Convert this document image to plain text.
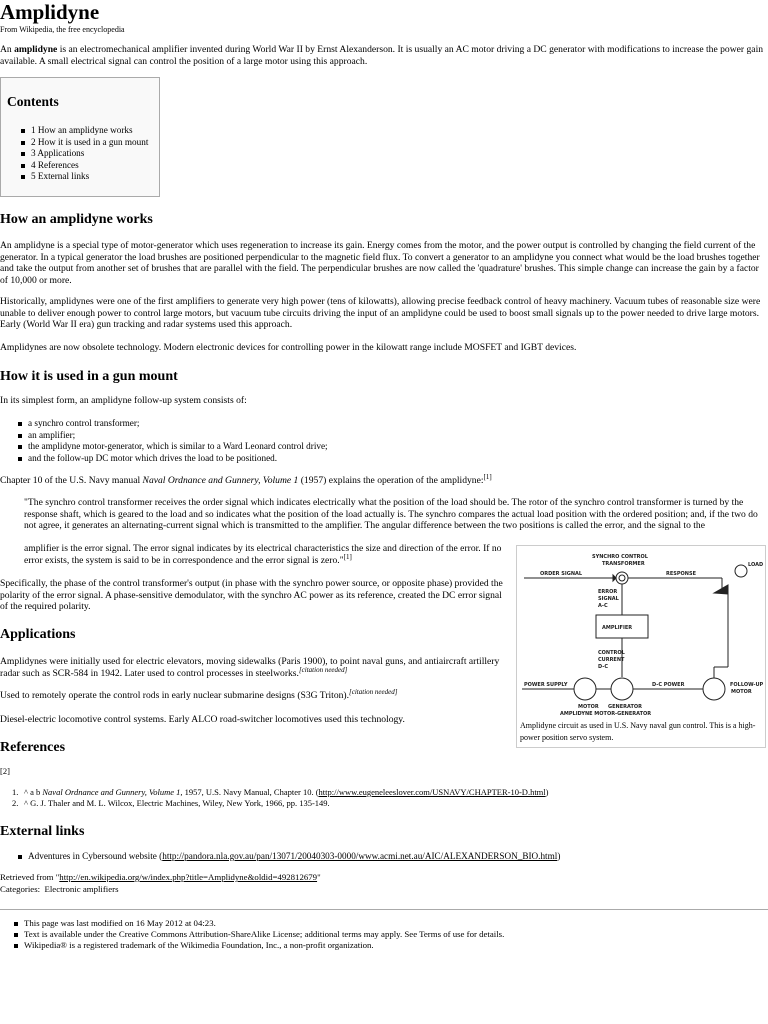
Amplidyne
From Wikipedia, the free encyclopedia

An amplidyne is an electromechanical amplifier invented during World War II by Ernst Alexanderson. It is usually an AC motor driving a DC generator with modifications to increase the power gain available. A small electrical signal can control the position of a large motor using this approach.

Contents
1 How an amplidyne works
2 How it is used in a gun mount
3 Applications
4 References
5 External links
How an amplidyne works

An amplidyne is a special type of motor-generator which uses regeneration to increase its gain. Energy comes from the motor, and the power output is controlled by changing the field current of the generator. In a typical generator the load brushes are positioned perpendicular to the magnetic field flux. To convert a generator to an amplidyne you connect what would be the load brushes together and take the output from another set of brushes that are parallel with the field. The perpendicular brushes are now called the 'quadrature' brushes. This simple change can increase the gain by a factor of 10,000 or more.

Historically, amplidynes were one of the first amplifiers to generate very high power (tens of kilowatts), allowing precise feedback control of heavy machinery. Vacuum tubes of reasonable size were unable to deliver enough power to control large motors, but vacuum tube circuits driving the input of an amplidyne could be used to boost small signals up to the power needed to drive large motors. Early (World War II era) gun tracking and radar systems used this approach.

Amplidynes are now obsolete technology. Modern electronic devices for controlling power in the kilowatt range include MOSFET and IGBT devices.

How it is used in a gun mount

In its simplest form, an amplidyne follow-up system consists of:

a synchro control transformer;
an amplifier;
the amplidyne motor-generator, which is similar to a Ward Leonard control drive;
and the follow-up DC motor which drives the load to be positioned.

Chapter 10 of the U.S. Navy manual Naval Ordnance and Gunnery, Volume 1 (1957) explains the operation of the amplidyne:[1]

"The synchro control transformer receives the order signal which indicates electrically what the position of the load should be. The rotor of the synchro control transformer is turned by the response shaft, which is geared to the load and so indicates what the position of the load actually is. The synchro compares the actual load position with the ordered position; and, if the two do not agree, it generates an alternating-current signal which is transmitted to the amplifier. The angular difference between the two positions is called the error, and the signal to the

amplifier is the error signal. The error signal indicates by its electrical characteristics the size and direction of the error. If no error exists, the system is said to be in correspondence and the error signal is zero."[1]

Specifically, the phase of the control transformer's output (in phase with the synchro power source, or opposite phase) provided the polarity of the error signal. A phase-sensitive demodulator, with the synchro AC power as its reference, created the DC error signal of the required polarity.

Applications

Amplidynes were initially used for electric elevators, moving sidewalks (Paris 1900), to point naval guns, and antiaircraft artillery radar such as SCR-584 in 1942. Later used to control processes in steelworks.[citation needed]

Used to remotely operate the control rods in early nuclear submarine designs (S3G Triton).[citation needed]

Diesel-electric locomotive control systems. Early ALCO road-switcher locomotives used this technology.

SYNCHRO CONTROL
TRANSFORMER
ORDER SIGNAL	RESPONSE
LOAD
ERROR
SIGNAL
A-C
AMPLIFIER
CONTROL
CURRENT
D-C
POWER SUPPLY	D-C POWER	FOLLOW-UP
MOTOR
MOTOR GENERATOR
AMPLIDYNE MOTOR-GENERATOR
Amplidyne circuit as used in U.S. Navy naval gun control. This is a high-power position servo system.
References
[2]
1. ^ a b Naval Ordnance and Gunnery, Volume 1, 1957, U.S. Navy Manual, Chapter 10. (http://www.eugeneleeslover.com/USNAVY/CHAPTER-10-D.html)
2. ^ G. J. Thaler and M. L. Wilcox, Electric Machines, Wiley, New York, 1966, pp. 135-149.
External links
Adventures in Cybersound website (http://pandora.nla.gov.au/pan/13071/20040303-0000/www.acmi.net.au/AIC/ALEXANDERSON_BIO.html)
Retrieved from "http://en.wikipedia.org/w/index.php?title=Amplidyne&oldid=492812679"
Categories: Electronic amplifiers
This page was last modified on 16 May 2012 at 04:23.
Text is available under the Creative Commons Attribution-ShareAlike License; additional terms may apply. See Terms of use for details.
Wikipedia® is a registered trademark of the Wikimedia Foundation, Inc., a non-profit organization.
